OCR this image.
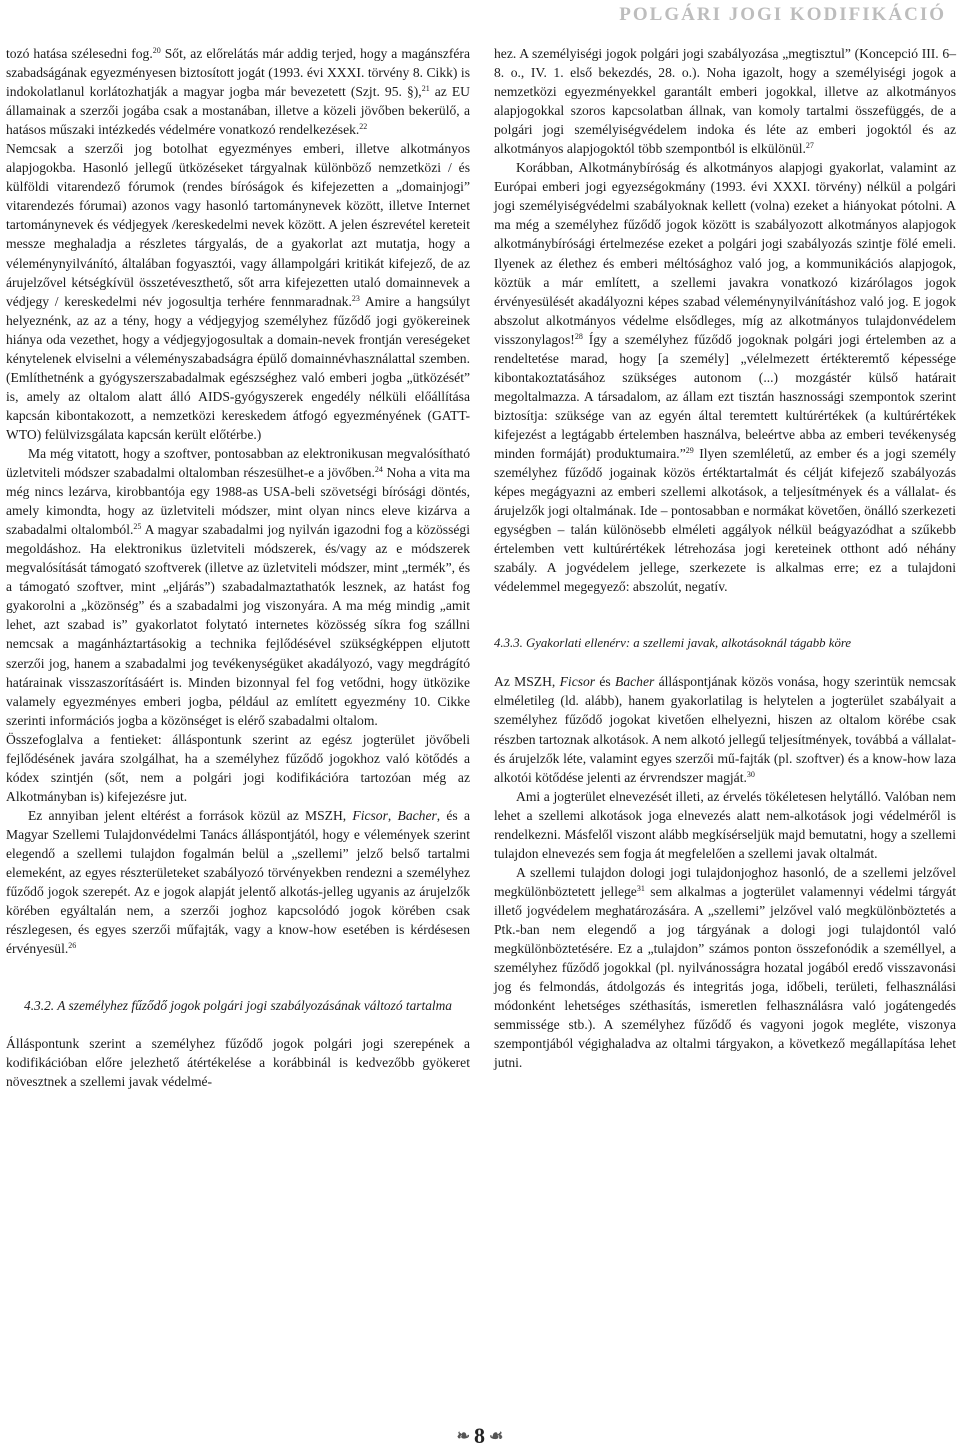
POLGÁRI JOGI KODIFIKÁCIÓ

tozó hatása szélesedni fog.$^{20}$ Sőt, az előrelátás már addig terjed, hogy a magánszféra szabadságának egyezményesen biztosított jogát (1993. évi XXXI. törvény 8. Cikk) is indokolatlanul korlátozhatják a magyar jogba már bevezetett (Szjt. 95. §),$^{21}$ az EU államainak a szerzői jogába csak a mostanában, illetve a közeli jövőben bekerülő, a hatásos műszaki intézkedés védelmére vonatkozó rendelkezések.$^{22}$

Nemcsak a szerzői jog botolhat egyezményes emberi, illetve alkotmányos alapjogokba. Hasonló jellegű ütközéseket tárgyalnak különböző nemzetközi / és külföldi vitarendező fórumok (rendes bíróságok és kifejezetten a „domainjogi” vitarendezés fórumai) azonos vagy hasonló tartománynevek között, illetve Internet tartománynevek és védjegyek /kereskedelmi nevek között. A jelen észrevétel kereteit messze meghaladja a részletes tárgyalás, de a gyakorlat azt mutatja, hogy a véleménynyilvánító, általában fogyasztói, vagy állampolgári kritikát kifejező, de az árujelzővel kétségkívül összetéveszthető, sőt arra kifejezetten utaló domainnevek a védjegy / kereskedelmi név jogosultja terhére fennmaradnak.$^{23}$ Amire a hangsúlyt helyeznénk, az az a tény, hogy a védjegyjog személyhez fűződő jogi gyökereinek hiánya oda vezethet, hogy a védjegyjogosultak a domain-nevek frontján vereségeket kénytelenek elviselni a véleményszabadságra épülő domainnévhasználattal szemben. (Említhetnénk a gyógyszerszabadalmak egészséghez való emberi jogba „ütközését” is, amely az oltalom alatt álló AIDS-gyógyszerek engedély nélküli előállítása kapcsán kibontakozott, a nemzetközi kereskedem átfogó egyezményének (GATT-WTO) felülvizsgálata kapcsán került előtérbe.)

Ma még vitatott, hogy a szoftver, pontosabban az elektronikusan megvalósítható üzletviteli módszer szabadalmi oltalomban részesülhet-e a jövőben.$^{24}$ Noha a vita ma még nincs lezárva, kirobbantója egy 1988-as USA-beli szövetségi bírósági döntés, amely kimondta, hogy az üzletviteli módszer, mint olyan nincs eleve kizárva a szabadalmi oltalomból.$^{25}$ A magyar szabadalmi jog nyilván igazodni fog a közösségi megoldáshoz. Ha elektronikus üzletviteli módszerek, és/vagy az e módszerek megvalósítását támogató szoftverek (illetve az üzletviteli módszer, mint „termék”, és a támogató szoftver, mint „eljárás”) szabadalmaztathatók lesznek, az hatást fog gyakorolni a „közönség” és a szabadalmi jog viszonyára. A ma még mindig „amit lehet, azt szabad is” gyakorlatot folytató internetes közösség síkra fog szállni nemcsak a magánháztartásokig a technika fejlődésével szükségképpen eljutott szerzői jog, hanem a szabadalmi jog tevékenységüket akadályozó, vagy megdrágító határainak visszaszorításáért is. Minden bizonnyal fel fog vetődni, hogy ütközike valamely egyezményes emberi jogba, például az említett egyezmény 10. Cikke szerinti információs jogba a közönséget is elérő szabadalmi oltalom.

Összefoglalva a fentieket: álláspontunk szerint az egész jogterület jövőbeli fejlődésének javára szolgálhat, ha a személyhez fűződő jogokhoz való kötődés a kódex szintjén (sőt, nem a polgári jogi kodifikációra tartozóan még az Alkotmányban is) kifejezésre jut.

Ez annyiban jelent eltérést a források közül az MSZH, Ficsor, Bacher, és a Magyar Szellemi Tulajdonvédelmi Tanács álláspontjától, hogy e vélemények szerint elegendő a szellemi tulajdon fogalmán belül a „szellemi” jelző belső tartalmi elemeként, az egyes részterületeket szabályozó törvényekben rendezni a személyhez fűződő jogok szerepét. Az e jogok alapját jelentő alkotás-jelleg ugyanis az árujelzők körében egyáltalán nem, a szerzői joghoz kapcsolódó jogok körében csak részlegesen, és egyes szerzői műfajták, vagy a know-how esetében is kérdésesen érvényesül.$^{26}$

4.3.2. A személyhez fűződő jogok polgári jogi szabályozásának változó tartalma

Álláspontunk szerint a személyhez fűződő jogok polgári jogi szerepének a kodifikációban előre jelezhető átértékelése a korábbinál is kedvezőbb gyökeret növesztnek a szellemi javak védelmé-

hez. A személyiségi jogok polgári jogi szabályozása „megtisztul” (Koncepció III. 6–8. o., IV. 1. első bekezdés, 28. o.). Noha igazolt, hogy a személyiségi jogok a nemzetközi egyezményekkel garantált emberi jogokkal, illetve az alkotmányos alapjogokkal szoros kapcsolatban állnak, van komoly tartalmi összefüggés, de a polgári jogi személyiségvédelem indoka és léte az emberi jogoktól és az alkotmányos alapjogoktól több szempontból is elkülönül.$^{27}$

Korábban, Alkotmánybíróság és alkotmányos alapjogi gyakorlat, valamint az Európai emberi jogi egyezségokmány (1993. évi XXXI. törvény) nélkül a polgári jogi személyiségvédelmi szabályoknak kellett (volna) ezeket a hiányokat pótolni. A ma még a személyhez fűződő jogok között is szabályozott alkotmányos alapjogok alkotmánybírósági értelmezése ezeket a polgári jogi szabályozás szintje fölé emeli. Ilyenek az élethez és emberi méltósághoz való jog, a kommunikációs alapjogok, köztük a már említett, a szellemi javakra vonatkozó kizárólagos jogok érvényesülését akadályozni képes szabad véleménynyilvánításhoz való jog. E jogok abszolut alkotmányos védelme elsődleges, míg az alkotmányos tulajdonvédelem visszonylagos!$^{28}$ Így a személyhez fűződő jogoknak polgári jogi értelemben az a rendeltetése marad, hogy [a személy] „vélelmezett értékteremtő képessége kibontakoztatásához szükséges autonom (...) mozgástér külső határait megoltalmazza. A társadalom, az állam ezt tisztán hasznossági szempontok szerint biztosítja: szüksége van az egyén által teremtett kultúrértékek (a kultúrértékek kifejezést a legtágabb értelemben használva, beleértve abba az emberi tevékenység minden formáját) produktumaira.”$^{29}$ Ilyen szemléletű, az ember és a jogi személy személyhez fűződő jogainak közös értéktartalmát és célját kifejező szabályozás képes megágyazni az emberi szellemi alkotások, a teljesítmények és a vállalat- és árujelzők jogi oltalmának. Ide – pontosabban e normákat követően, önálló szerkezeti egységben – talán különösebb elméleti aggályok nélkül beágyazódhat a szűkebb értelemben vett kultúrértékek létrehozása jogi kereteinek otthont adó néhány szabály. A jogvédelem jellege, szerkezete is alkalmas erre; ez a tulajdoni védelemmel megegyező: abszolút, negatív.

4.3.3. Gyakorlati ellenérv: a szellemi javak, alkotásoknál tágabb köre

Az MSZH, Ficsor és Bacher álláspontjának közös vonása, hogy szerintük nemcsak elméletileg (ld. alább), hanem gyakorlatilag is helytelen a jogterület szabályait a személyhez fűződő jogokat kivetően elhelyezni, hiszen az oltalom körébe csak részben tartoznak alkotások. A nem alkotó jellegű teljesítmények, továbbá a vállalat- és árujelzők léte, valamint egyes szerzői mű-fajták (pl. szoftver) és a know-how laza alkotói kötődése jelenti az érvrendszer magját.$^{30}$

Ami a jogterület elnevezését illeti, az érvelés tökéletesen helytálló. Valóban nem lehet a szellemi alkotások joga elnevezés alatt nem-alkotások jogi védelméről is rendelkezni. Másfelől viszont alább megkísérseljük majd bemutatni, hogy a szellemi tulajdon elnevezés sem fogja át megfelelően a szellemi javak oltalmát.

A szellemi tulajdon dologi jogi tulajdonjoghoz hasonló, de a szellemi jelzővel megkülönböztetett jellege$^{31}$ sem alkalmas a jogterület valamennyi védelmi tárgyát illető jogvédelem meghatározására. A „szellemi” jelzővel való megkülönböztetés a Ptk.-ban nem elegendő a jog tárgyának a dologi jogi tulajdontól való megkülönböztetésére. Ez a „tulajdon” számos ponton összefonódik a személlyel, a személyhez fűződő jogokkal (pl. nyilvánosságra hozatal jogából eredő visszavonási jog és felmondás, átdolgozás és integritás joga, időbeli, területi, felhasználási módonként lehetséges széthasítás, ismeretlen felhasználásra való jogátengedés semmissége stb.). A személyhez fűződő és vagyoni jogok megléte, viszonya szempontjából végighaladva az oltalmi tárgyakon, a következő megállapítása lehet jutni.

❧ 8 ☙
